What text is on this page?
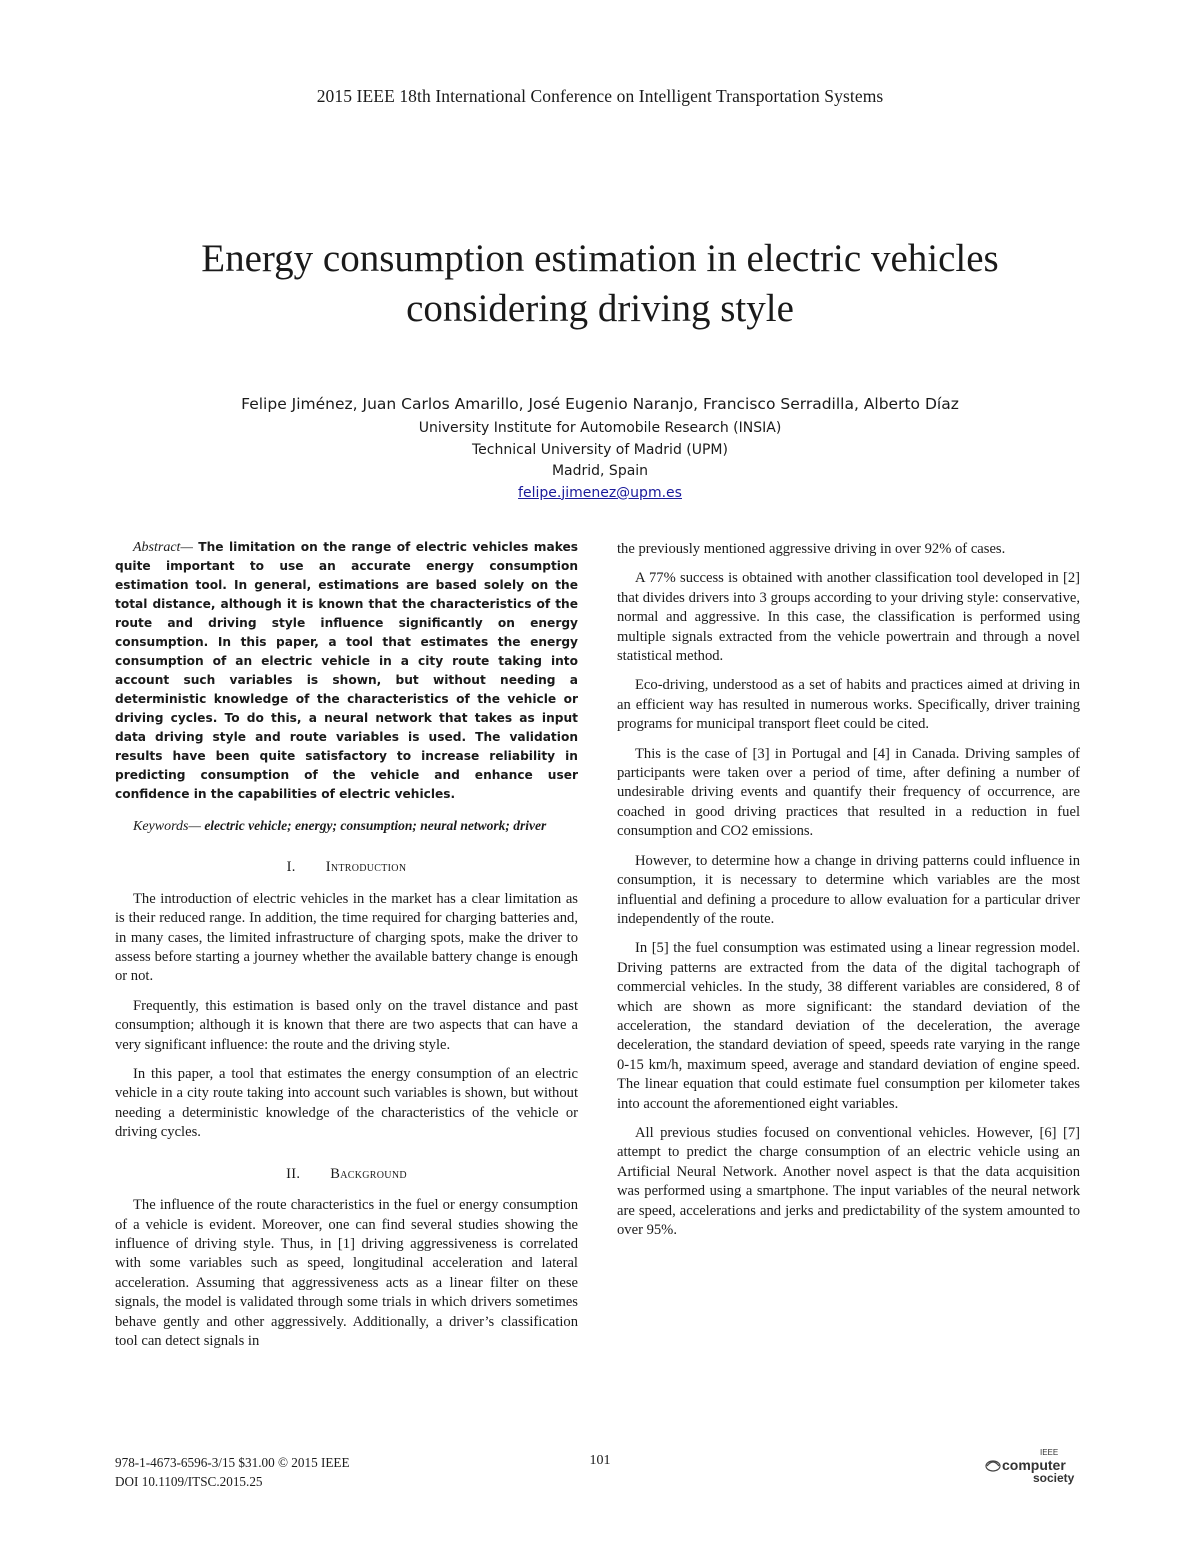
2015 IEEE 18th International Conference on Intelligent Transportation Systems
Energy consumption estimation in electric vehicles
considering driving style
Felipe Jiménez, Juan Carlos Amarillo, José Eugenio Naranjo, Francisco Serradilla, Alberto Díaz
University Institute for Automobile Research (INSIA)
Technical University of Madrid (UPM)
Madrid, Spain
felipe.jimenez@upm.es

Abstract— The limitation on the range of electric vehicles makes quite important to use an accurate energy consumption estimation tool. In general, estimations are based solely on the total distance, although it is known that the characteristics of the route and driving style influence significantly on energy consumption. In this paper, a tool that estimates the energy consumption of an electric vehicle in a city route taking into account such variables is shown, but without needing a deterministic knowledge of the characteristics of the vehicle or driving cycles. To do this, a neural network that takes as input data driving style and route variables is used. The validation results have been quite satisfactory to increase reliability in predicting consumption of the vehicle and enhance user confidence in the capabilities of electric vehicles.

Keywords— electric vehicle; energy; consumption; neural network; driver

I. Introduction

The introduction of electric vehicles in the market has a clear limitation as is their reduced range. In addition, the time required for charging batteries and, in many cases, the limited infrastructure of charging spots, make the driver to assess before starting a journey whether the available battery change is enough or not.

Frequently, this estimation is based only on the travel distance and past consumption; although it is known that there are two aspects that can have a very significant influence: the route and the driving style.

In this paper, a tool that estimates the energy consumption of an electric vehicle in a city route taking into account such variables is shown, but without needing a deterministic knowledge of the characteristics of the vehicle or driving cycles.

II. Background

The influence of the route characteristics in the fuel or energy consumption of a vehicle is evident. Moreover, one can find several studies showing the influence of driving style. Thus, in [1] driving aggressiveness is correlated with some variables such as speed, longitudinal acceleration and lateral acceleration. Assuming that aggressiveness acts as a linear filter on these signals, the model is validated through some trials in which drivers sometimes behave gently and other aggressively. Additionally, a driver’s classification tool can detect signals in

the previously mentioned aggressive driving in over 92% of cases.

A 77% success is obtained with another classification tool developed in [2] that divides drivers into 3 groups according to your driving style: conservative, normal and aggressive. In this case, the classification is performed using multiple signals extracted from the vehicle powertrain and through a novel statistical method.

Eco-driving, understood as a set of habits and practices aimed at driving in an efficient way has resulted in numerous works. Specifically, driver training programs for municipal transport fleet could be cited.

This is the case of [3] in Portugal and [4] in Canada. Driving samples of participants were taken over a period of time, after defining a number of undesirable driving events and quantify their frequency of occurrence, are coached in good driving practices that resulted in a reduction in fuel consumption and CO2 emissions.

However, to determine how a change in driving patterns could influence in consumption, it is necessary to determine which variables are the most influential and defining a procedure to allow evaluation for a particular driver independently of the route.

In [5] the fuel consumption was estimated using a linear regression model. Driving patterns are extracted from the data of the digital tachograph of commercial vehicles. In the study, 38 different variables are considered, 8 of which are shown as more significant: the standard deviation of the acceleration, the standard deviation of the deceleration, the average deceleration, the standard deviation of speed, speeds rate varying in the range 0-15 km/h, maximum speed, average and standard deviation of engine speed. The linear equation that could estimate fuel consumption per kilometer takes into account the aforementioned eight variables.

All previous studies focused on conventional vehicles. However, [6] [7] attempt to predict the charge consumption of an electric vehicle using an Artificial Neural Network. Another novel aspect is that the data acquisition was performed using a smartphone. The input variables of the neural network are speed, accelerations and jerks and predictability of the system amounted to over 95%.

978-1-4673-6596-3/15 $31.00 © 2015 IEEE
DOI 10.1109/ITSC.2015.25
101
IEEE
computer
society
